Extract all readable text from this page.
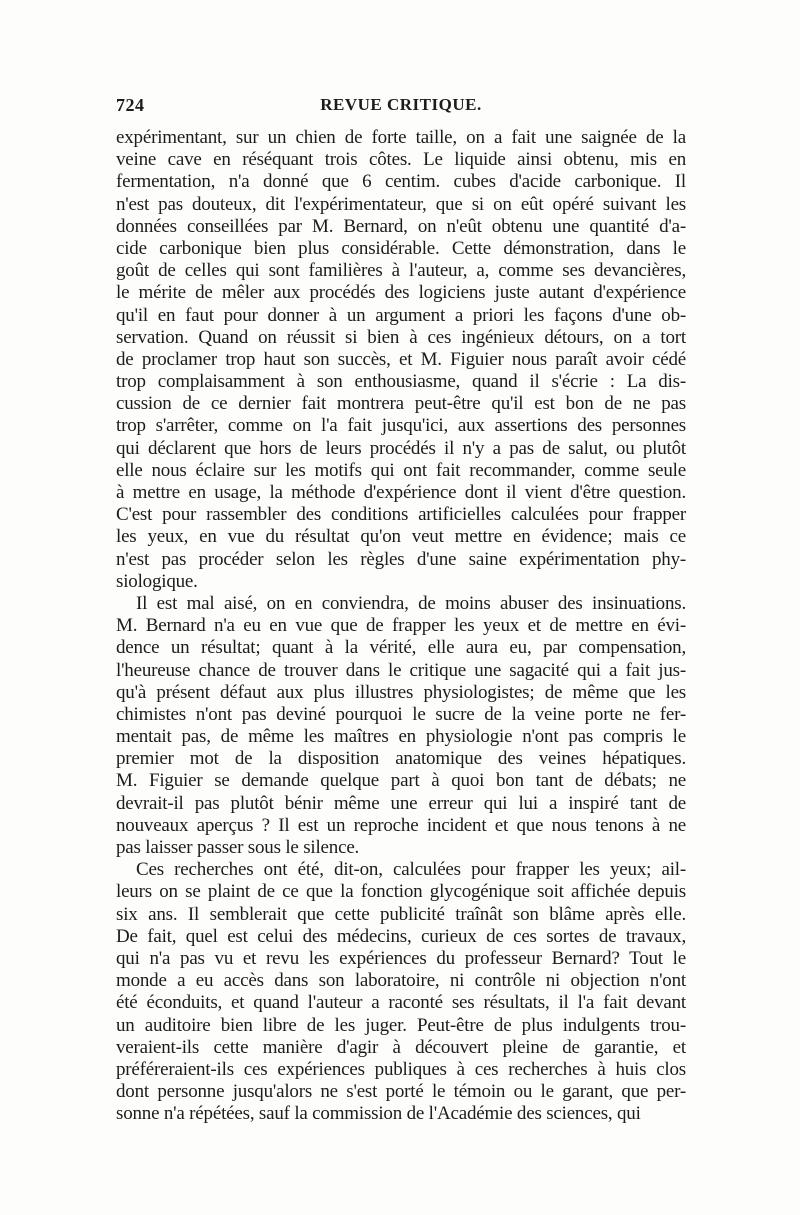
724	REVUE CRITIQUE.
expérimentant, sur un chien de forte taille, on a fait une saignée de la
veine cave en réséquant trois côtes. Le liquide ainsi obtenu, mis en
fermentation, n'a donné que 6 centim. cubes d'acide carbonique. Il
n'est pas douteux, dit l'expérimentateur, que si on eût opéré suivant les
données conseillées par M. Bernard, on n'eût obtenu une quantité d'a-
cide carbonique bien plus considérable. Cette démonstration, dans le
goût de celles qui sont familières à l'auteur, a, comme ses devancières,
le mérite de mêler aux procédés des logiciens juste autant d'expérience
qu'il en faut pour donner à un argument a priori les façons d'une ob-
servation. Quand on réussit si bien à ces ingénieux détours, on a tort
de proclamer trop haut son succès, et M. Figuier nous paraît avoir cédé
trop complaisamment à son enthousiasme, quand il s'écrie : La dis-
cussion de ce dernier fait montrera peut-être qu'il est bon de ne pas
trop s'arrêter, comme on l'a fait jusqu'ici, aux assertions des personnes
qui déclarent que hors de leurs procédés il n'y a pas de salut, ou plutôt
elle nous éclaire sur les motifs qui ont fait recommander, comme seule
à mettre en usage, la méthode d'expérience dont il vient d'être question.
C'est pour rassembler des conditions artificielles calculées pour frapper
les yeux, en vue du résultat qu'on veut mettre en évidence; mais ce
n'est pas procéder selon les règles d'une saine expérimentation phy-
siologique.
Il est mal aisé, on en conviendra, de moins abuser des insinuations.
M. Bernard n'a eu en vue que de frapper les yeux et de mettre en évi-
dence un résultat; quant à la vérité, elle aura eu, par compensation,
l'heureuse chance de trouver dans le critique une sagacité qui a fait jus-
qu'à présent défaut aux plus illustres physiologistes; de même que les
chimistes n'ont pas deviné pourquoi le sucre de la veine porte ne fer-
mentait pas, de même les maîtres en physiologie n'ont pas compris le
premier mot de la disposition anatomique des veines hépatiques.
M. Figuier se demande quelque part à quoi bon tant de débats; ne
devrait-il pas plutôt bénir même une erreur qui lui a inspiré tant de
nouveaux aperçus ? Il est un reproche incident et que nous tenons à ne
pas laisser passer sous le silence.
Ces recherches ont été, dit-on, calculées pour frapper les yeux; ail-
leurs on se plaint de ce que la fonction glycogénique soit affichée depuis
six ans. Il semblerait que cette publicité traînât son blâme après elle.
De fait, quel est celui des médecins, curieux de ces sortes de travaux,
qui n'a pas vu et revu les expériences du professeur Bernard? Tout le
monde a eu accès dans son laboratoire, ni contrôle ni objection n'ont
été éconduits, et quand l'auteur a raconté ses résultats, il l'a fait devant
un auditoire bien libre de les juger. Peut-être de plus indulgents trou-
veraient-ils cette manière d'agir à découvert pleine de garantie, et
préféreraient-ils ces expériences publiques à ces recherches à huis clos
dont personne jusqu'alors ne s'est porté le témoin ou le garant, que per-
sonne n'a répétées, sauf la commission de l'Académie des sciences, qui
